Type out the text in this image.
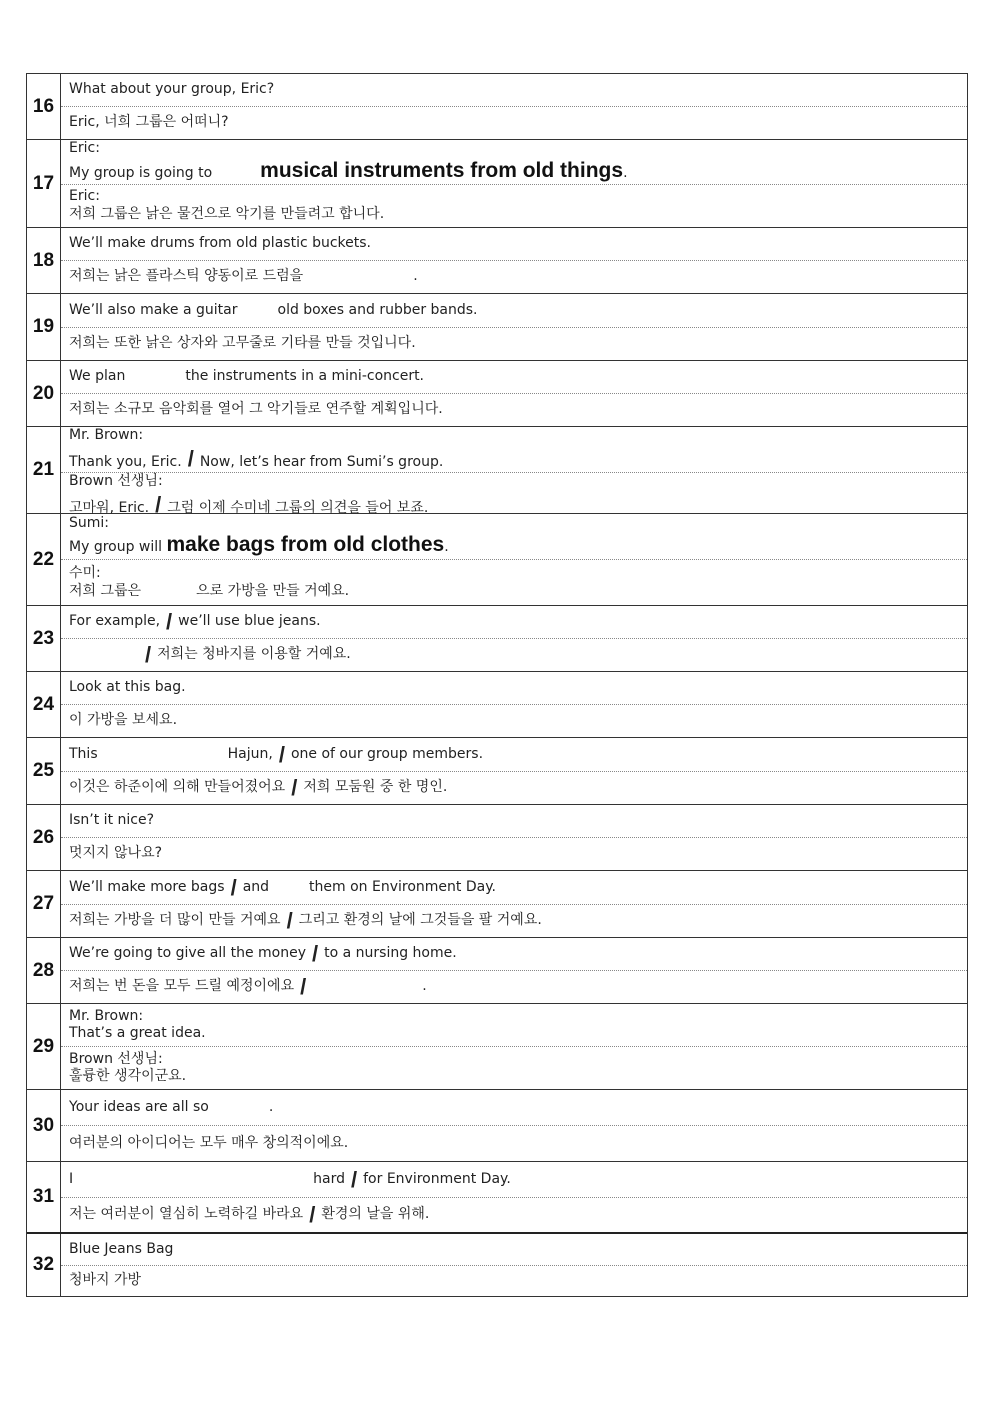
16
What about your group, Eric?
Eric, 너희 그룹은 어떠니?
17
Eric:
My group is going to musical instruments from old things.
Eric:
저희 그룹은 낡은 물건으로 악기를 만들려고 합니다.
18
We’ll make drums from old plastic buckets.
저희는 낡은 플라스틱 양동이로 드럼을	.
19
We’ll also make a guitar	old boxes and rubber bands.
저희는 또한 낡은 상자와 고무줄로 기타를 만들 것입니다.
20
We plan	the instruments in a mini-concert.
저희는 소규모 음악회를 열어 그 악기들로 연주할 계획입니다.
21
Mr. Brown:
Thank you, Eric. / Now, let’s hear from Sumi’s group.
Brown 선생님:
고마워, Eric. / 그럼 이제 수미네 그룹의 의견을 들어 보죠.
22
Sumi:
My group will make bags from old clothes.
수미:
저희 그룹은	으로 가방을 만들 거예요.
23
For example, / we’ll use blue jeans.
/ 저희는 청바지를 이용할 거예요.
24
Look at this bag.
이 가방을 보세요.
25
This	Hajun, / one of our group members.
이것은 하준이에 의해 만들어졌어요 / 저희 모둠원 중 한 명인.
26
Isn’t it nice?
멋지지 않나요?
27
We’ll make more bags / and	them on Environment Day.
저희는 가방을 더 많이 만들 거예요 / 그리고 환경의 날에 그것들을 팔 거예요.
28
We’re going to give all the money / to a nursing home.
저희는 번 돈을 모두 드릴 예정이에요 /	.
29
Mr. Brown:
That’s a great idea.
Brown 선생님:
훌륭한 생각이군요.
30
Your ideas are all so	.
여러분의 아이디어는 모두 매우 창의적이에요.
31
I	hard / for Environment Day.
저는 여러분이 열심히 노력하길 바라요 / 환경의 날을 위해.
32
Blue Jeans Bag
청바지 가방
